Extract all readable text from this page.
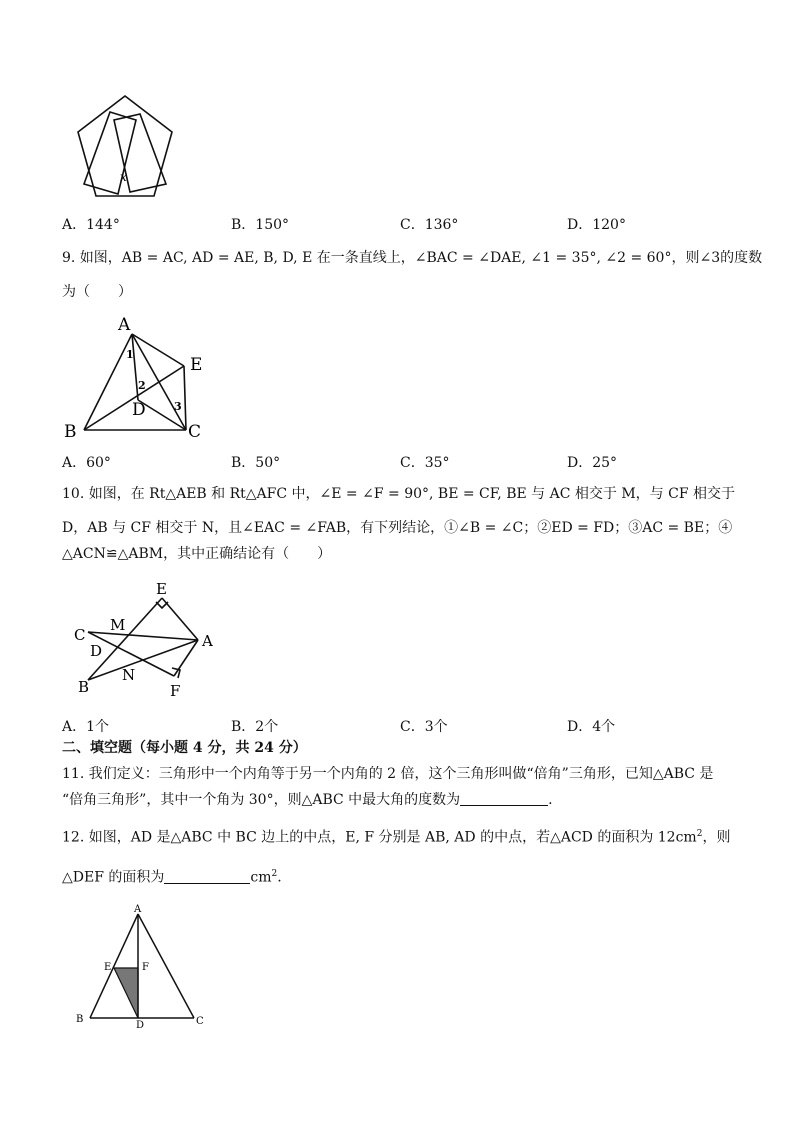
x
A．144°	B．150°	C．136°	D．120°
9. 如图，AB = AC, AD = AE, B, D, E 在一条直线上，∠BAC = ∠DAE, ∠1 = 35°, ∠2 = 60°，则∠3的度数
为（　　）
A
E
D
B	C
1
2
3
A．60°	B．50°	C．35°	D．25°
10. 如图，在 Rt△AEB 和 Rt△AFC 中，∠E = ∠F = 90°, BE = CF, BE 与 AC 相交于 M，与 CF 相交于
D，AB 与 CF 相交于 N，且∠EAC = ∠FAB，有下列结论，①∠B = ∠C；②ED = FD；③AC = BE；④
△ACN≌△ABM，其中正确结论有（　　）
E
M
C	A
D
N
B	F
A．1个	B．2个	C．3个	D．4个
二、填空题（每小题 4 分，共 24 分）
11. 我们定义：三角形中一个内角等于另一个内角的 2 倍，这个三角形叫做“倍角”三角形，已知△ABC 是
“倍角三角形”，其中一个角为 30°，则△ABC 中最大角的度数为	.
12. 如图，AD 是△ABC 中 BC 边上的中点，E, F 分别是 AB, AD 的中点，若△ACD 的面积为 $12cm^2$，则
△DEF 的面积为	$cm^2$.
A
E	F
B
D	C
